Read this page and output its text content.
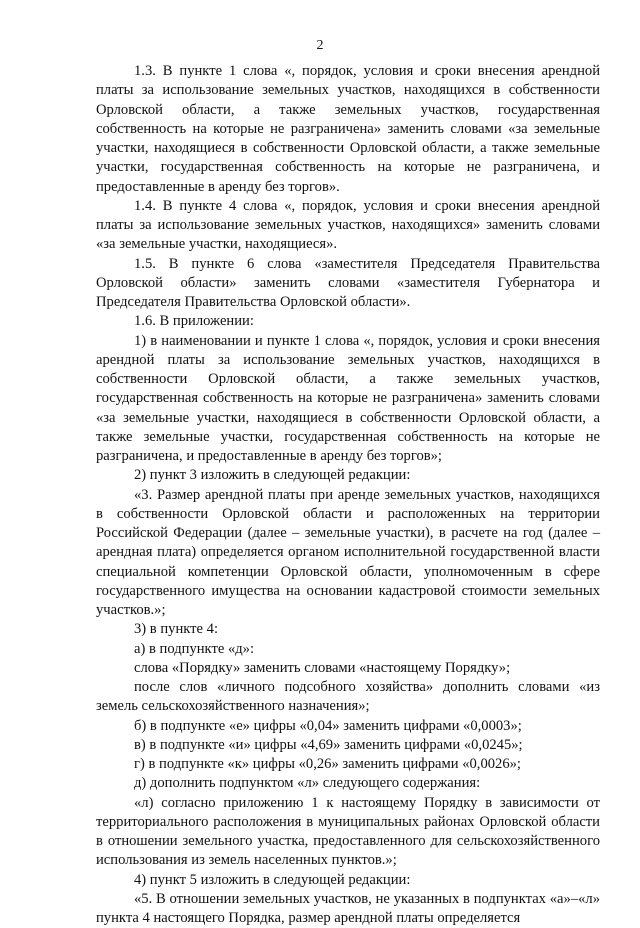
2

1.3. В пункте 1 слова «, порядок, условия и сроки внесения арендной платы за использование земельных участков, находящихся в собственности Орловской области, а также земельных участков, государственная собственность на которые не разграничена» заменить словами «за земельные участки, находящиеся в собственности Орловской области, а также земельные участки, государственная собственность на которые не разграничена, и предоставленные в аренду без торгов».

1.4. В пункте 4 слова «, порядок, условия и сроки внесения арендной платы за использование земельных участков, находящихся» заменить словами «за земельные участки, находящиеся».

1.5. В пункте 6 слова «заместителя Председателя Правительства Орловской области» заменить словами «заместителя Губернатора и Председателя Правительства Орловской области».

1.6. В приложении:

1) в наименовании и пункте 1 слова «, порядок, условия и сроки внесения арендной платы за использование земельных участков, находящихся в собственности Орловской области, а также земельных участков, государственная собственность на которые не разграничена» заменить словами «за земельные участки, находящиеся в собственности Орловской области, а также земельные участки, государственная собственность на которые не разграничена, и предоставленные в аренду без торгов»;

2) пункт 3 изложить в следующей редакции:

«3. Размер арендной платы при аренде земельных участков, находящихся в собственности Орловской области и расположенных на территории Российской Федерации (далее – земельные участки), в расчете на год (далее – арендная плата) определяется органом исполнительной государственной власти специальной компетенции Орловской области, уполномоченным в сфере государственного имущества на основании кадастровой стоимости земельных участков.»;

3) в пункте 4:

а) в подпункте «д»:

слова «Порядку» заменить словами «настоящему Порядку»;

после слов «личного подсобного хозяйства» дополнить словами «из земель сельскохозяйственного назначения»;

б) в подпункте «е» цифры «0,04» заменить цифрами «0,0003»;

в) в подпункте «и» цифры «4,69» заменить цифрами «0,0245»;

г) в подпункте «к» цифры «0,26» заменить цифрами «0,0026»;

д) дополнить подпунктом «л» следующего содержания:

«л) согласно приложению 1 к настоящему Порядку в зависимости от территориального расположения в муниципальных районах Орловской области в отношении земельного участка, предоставленного для сельскохозяйственного использования из земель населенных пунктов.»;

4) пункт 5 изложить в следующей редакции:

«5. В отношении земельных участков, не указанных в подпунктах «а»–«л» пункта 4 настоящего Порядка, размер арендной платы определяется
